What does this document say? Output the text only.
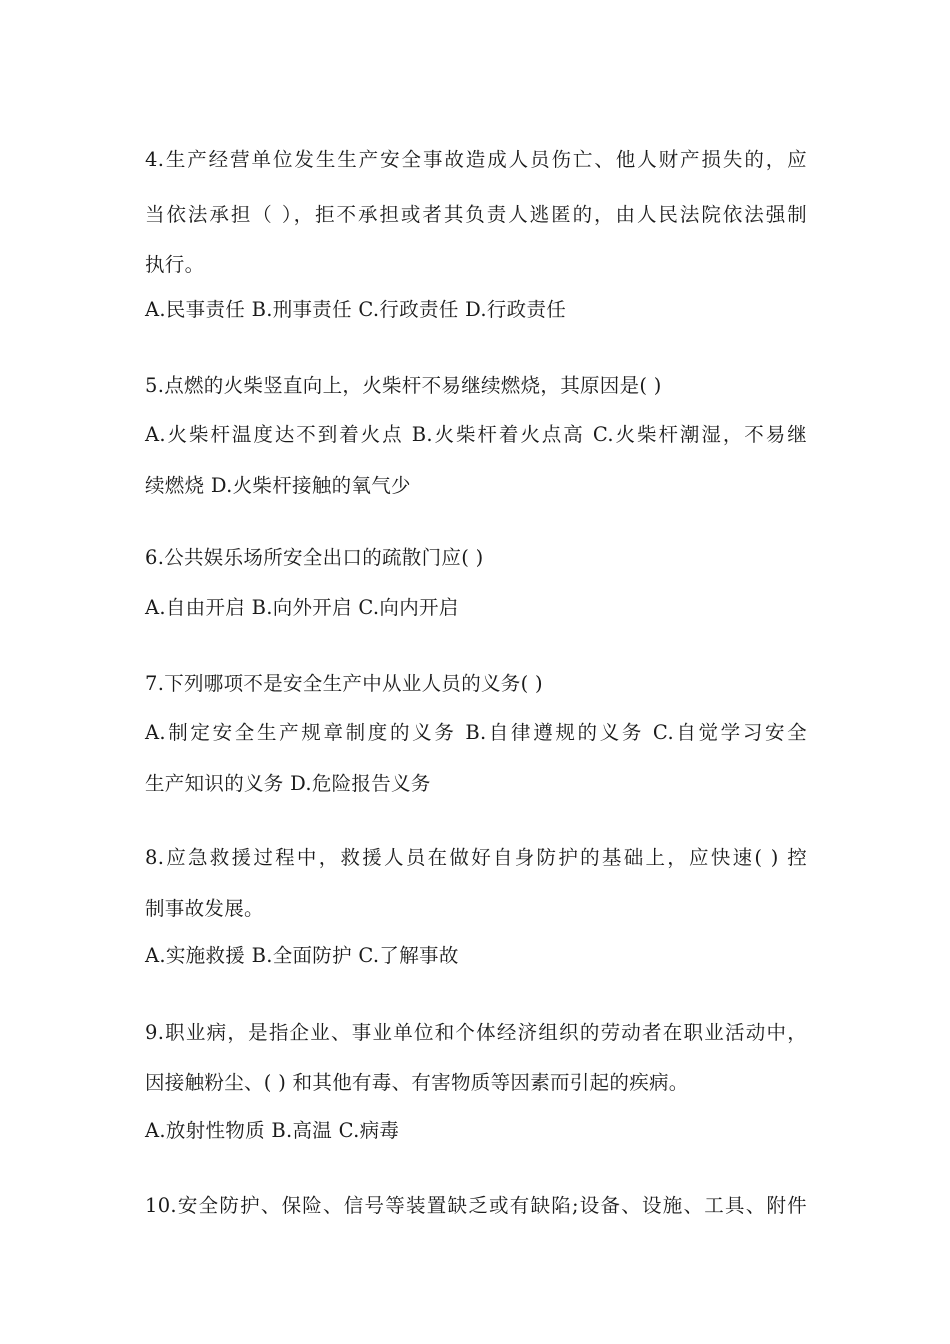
4.生产经营单位发生生产安全事故造成人员伤亡、他人财产损失的，应
当依法承担（ ），拒不承担或者其负责人逃匿的，由人民法院依法强制
执行。
A.民事责任 B.刑事责任 C.行政责任 D.行政责任
5.点燃的火柴竖直向上，火柴杆不易继续燃烧，其原因是( )
A.火柴杆温度达不到着火点 B.火柴杆着火点高 C.火柴杆潮湿，不易继
续燃烧 D.火柴杆接触的氧气少
6.公共娱乐场所安全出口的疏散门应( )
A.自由开启 B.向外开启 C.向内开启
7.下列哪项不是安全生产中从业人员的义务( )
A.制定安全生产规章制度的义务 B.自律遵规的义务 C.自觉学习安全
生产知识的义务 D.危险报告义务
8.应急救援过程中，救援人员在做好自身防护的基础上，应快速( ) 控
制事故发展。
A.实施救援 B.全面防护 C.了解事故
9.职业病，是指企业、事业单位和个体经济组织的劳动者在职业活动中，
因接触粉尘、( ) 和其他有毒、有害物质等因素而引起的疾病。
A.放射性物质 B.高温 C.病毒
10.安全防护、保险、信号等装置缺乏或有缺陷;设备、设施、工具、附件
